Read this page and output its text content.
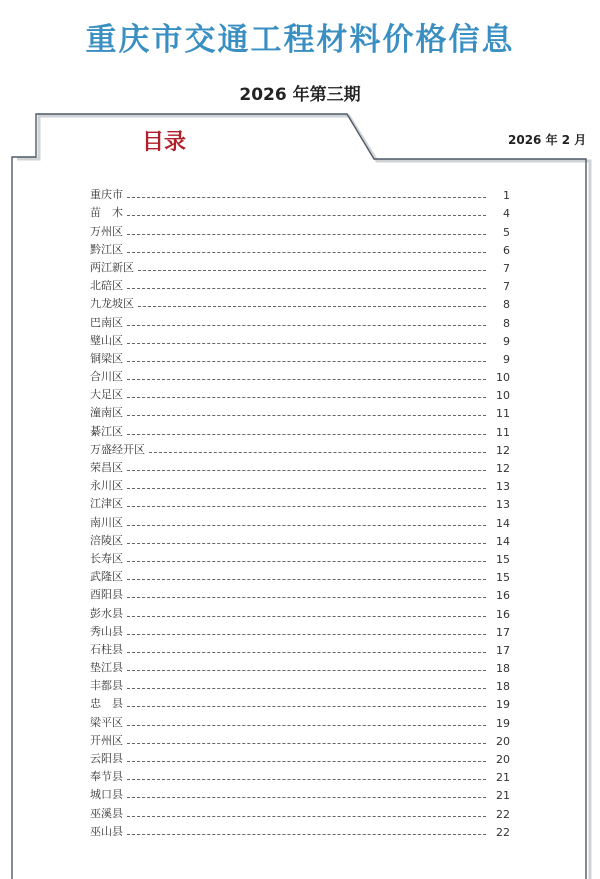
重庆市交通工程材料价格信息
2026 年第三期
目录	2026 年 2 月
重庆市	1
苗　木	4
万州区	5
黔江区	6
两江新区	7
北碚区	7
九龙坡区	8
巴南区	8
璧山区	9
铜梁区	9
合川区	10
大足区	10
潼南区	11
綦江区	11
万盛经开区	12
荣昌区	12
永川区	13
江津区	13
南川区	14
涪陵区	14
长寿区	15
武隆区	15
酉阳县	16
彭水县	16
秀山县	17
石柱县	17
垫江县	18
丰都县	18
忠　县	19
梁平区	19
开州区	20
云阳县	20
奉节县	21
城口县	21
巫溪县	22
巫山县	22
